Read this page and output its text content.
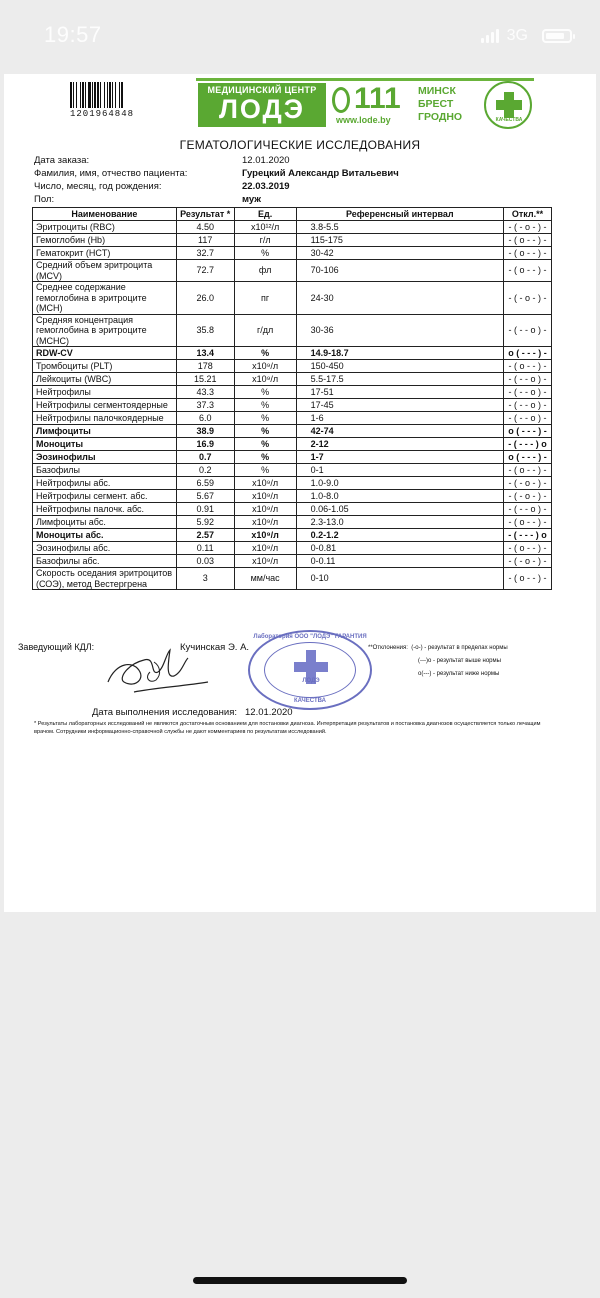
19:57	3G
1201964848
МЕДИЦИНСКИЙ ЦЕНТР
ЛОДЭ	111
www.lode.by
МИНСК
БРЕСТ
ГРОДНО	КАЧЕСТВА
ГЕМАТОЛОГИЧЕСКИЕ ИССЛЕДОВАНИЯ
Дата заказа:	12.01.2020
Фамилия, имя, отчество пациента:	Гурецкий Александр Витальевич
Число, месяц, год рождения:	22.03.2019
Пол:	муж
Наименование	Результат *	Ед.	Референсный интервал	Откл.**
Эритроциты (RBC)	4.50	x10¹²/л	3.8-5.5	- ( - o - ) -
Гемоглобин (Hb)	117	г/л	115-175	- ( o - - ) -
Гематокрит (HCT)	32.7	%	30-42	- ( o - - ) -
Средний объем эритроцита (MCV)	72.7	фл	70-106	- ( o - - ) -
Среднее содержание гемоглобина в эритроците (MCH)	26.0	пг	24-30	- ( - o - ) -
Средняя концентрация гемоглобина в эритроците (MCHC)	35.8	г/дл	30-36	- ( - - o ) -
RDW-CV	13.4	%	14.9-18.7	o ( - - - ) -
Тромбоциты (PLT)	178	x10⁹/л	150-450	- ( o - - ) -
Лейкоциты (WBC)	15.21	x10⁹/л	5.5-17.5	- ( - - o ) -
Нейтрофилы	43.3	%	17-51	- ( - - o ) -
Нейтрофилы сегментоядерные	37.3	%	17-45	- ( - - o ) -
Нейтрофилы палочкоядерные	6.0	%	1-6	- ( - - o ) -
Лимфоциты	38.9	%	42-74	o ( - - - ) -
Моноциты	16.9	%	2-12	- ( - - - ) o
Эозинофилы	0.7	%	1-7	o ( - - - ) -
Базофилы	0.2	%	0-1	- ( o - - ) -
Нейтрофилы абс.	6.59	x10⁹/л	1.0-9.0	- ( - o - ) -
Нейтрофилы сегмент. абс.	5.67	x10⁹/л	1.0-8.0	- ( - o - ) -
Нейтрофилы палочк. абс.	0.91	x10⁹/л	0.06-1.05	- ( - - o ) -
Лимфоциты абс.	5.92	x10⁹/л	2.3-13.0	- ( o - - ) -
Моноциты абс.	2.57	x10⁹/л	0.2-1.2	- ( - - - ) o
Эозинофилы абс.	0.11	x10⁹/л	0-0.81	- ( o - - ) -
Базофилы абс.	0.03	x10⁹/л	0-0.11	- ( - o - ) -
Скорость оседания эритроцитов (СОЭ), метод Вестергрена	3	мм/час	0-10	- ( o - - ) -
Заведующий КДЛ:	Кучинская Э. А.
Лаборатория ООО "ЛОДЭ" ГАРАНТИЯ
ЛОДЭ
КАЧЕСТВА
**Отклонения: (-o-) - результат в пределах нормы
(---)o - результат выше нормы
o(---) - результат ниже нормы
Дата выполнения исследования: 12.01.2020
* Результаты лабораторных исследований не являются достаточным основанием для постановки диагноза. Интерпретация результатов и постановка диагнозов осуществляется только лечащим врачом. Сотрудники информационно-справочной службы не дают комментариев по результатам исследований.
